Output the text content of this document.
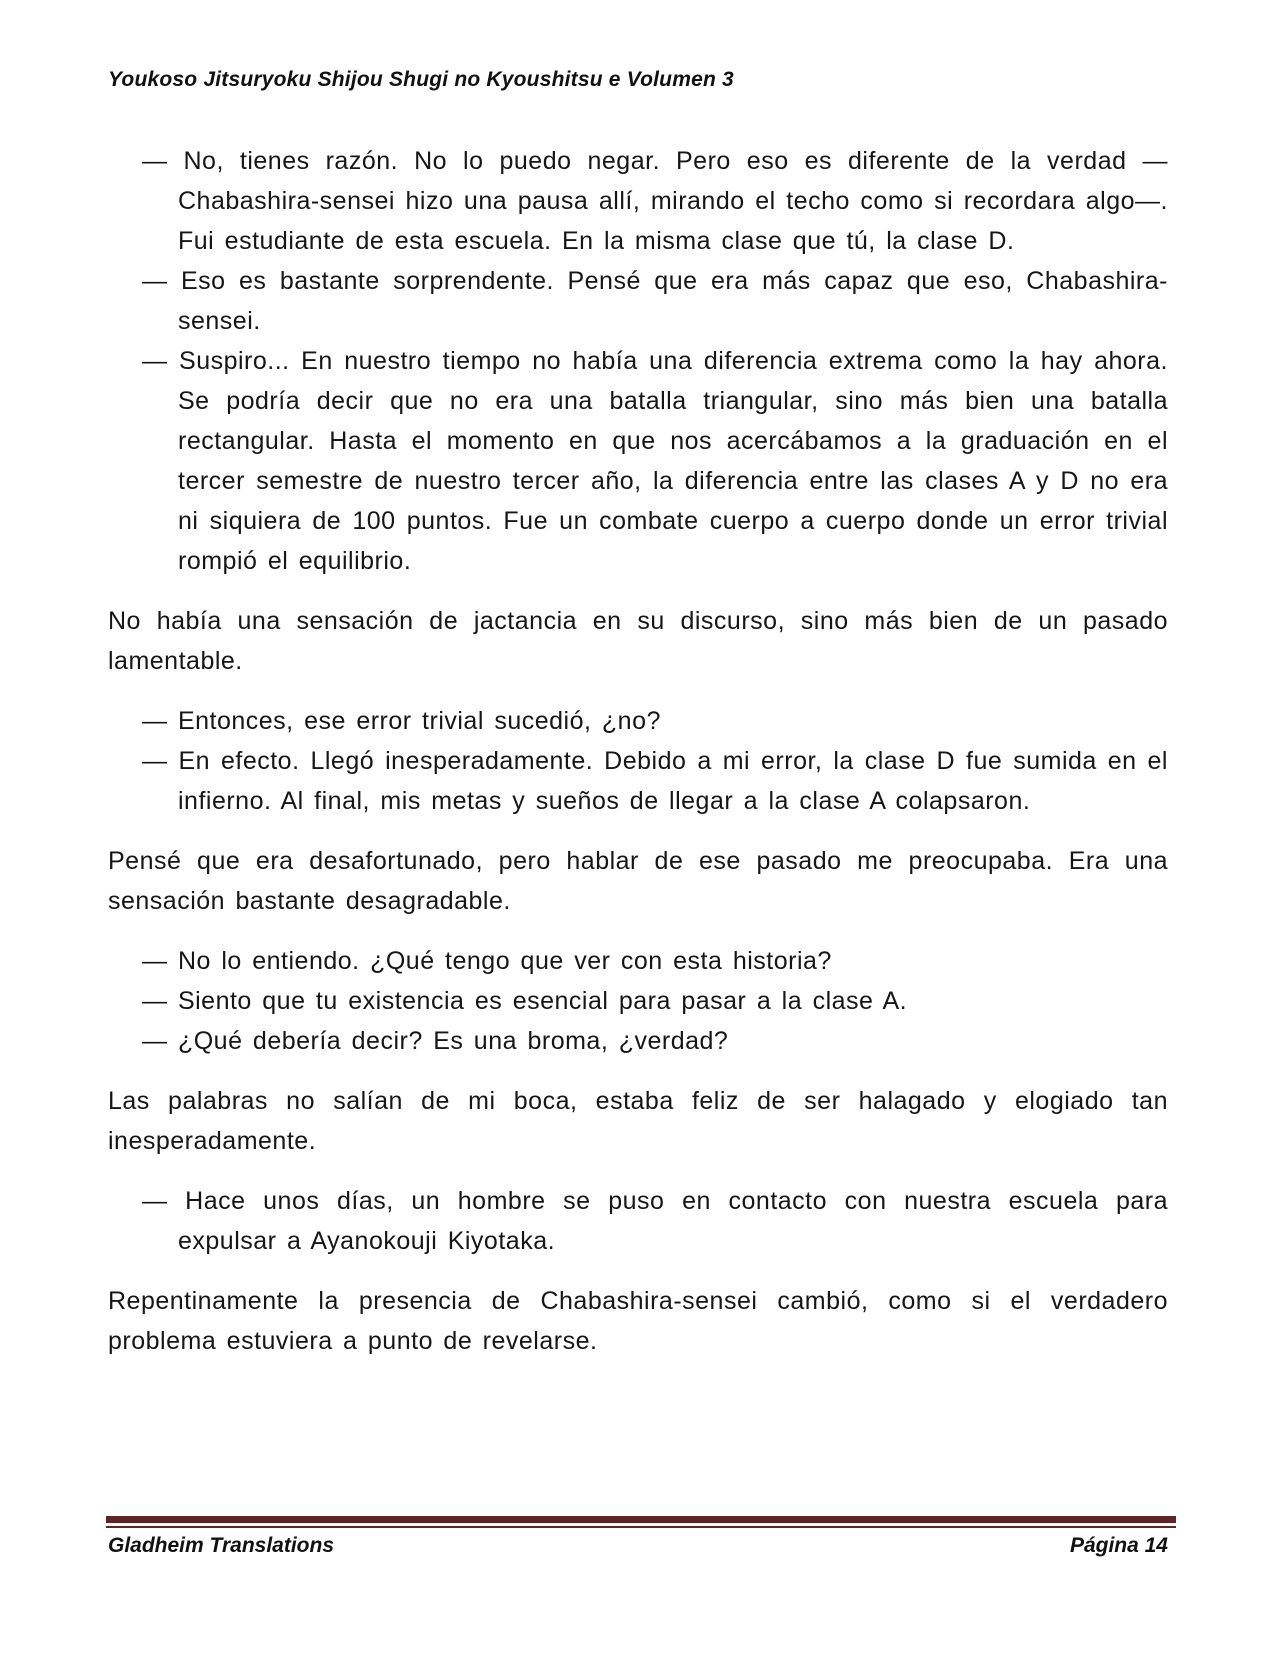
Youkoso Jitsuryoku Shijou Shugi no Kyoushitsu e Volumen 3

— No, tienes razón. No lo puedo negar. Pero eso es diferente de la verdad — Chabashira-sensei hizo una pausa allí, mirando el techo como si recordara algo—. Fui estudiante de esta escuela. En la misma clase que tú, la clase D.

— Eso es bastante sorprendente. Pensé que era más capaz que eso, Chabashira-sensei.

— Suspiro... En nuestro tiempo no había una diferencia extrema como la hay ahora. Se podría decir que no era una batalla triangular, sino más bien una batalla rectangular. Hasta el momento en que nos acercábamos a la graduación en el tercer semestre de nuestro tercer año, la diferencia entre las clases A y D no era ni siquiera de 100 puntos. Fue un combate cuerpo a cuerpo donde un error trivial rompió el equilibrio.

No había una sensación de jactancia en su discurso, sino más bien de un pasado lamentable.

— Entonces, ese error trivial sucedió, ¿no?

— En efecto. Llegó inesperadamente. Debido a mi error, la clase D fue sumida en el infierno. Al final, mis metas y sueños de llegar a la clase A colapsaron.

Pensé que era desafortunado, pero hablar de ese pasado me preocupaba. Era una sensación bastante desagradable.

— No lo entiendo. ¿Qué tengo que ver con esta historia?

— Siento que tu existencia es esencial para pasar a la clase A.

— ¿Qué debería decir? Es una broma, ¿verdad?

Las palabras no salían de mi boca, estaba feliz de ser halagado y elogiado tan inesperadamente.

— Hace unos días, un hombre se puso en contacto con nuestra escuela para expulsar a Ayanokouji Kiyotaka.

Repentinamente la presencia de Chabashira-sensei cambió, como si el verdadero problema estuviera a punto de revelarse.

Gladheim Translations	Página 14
